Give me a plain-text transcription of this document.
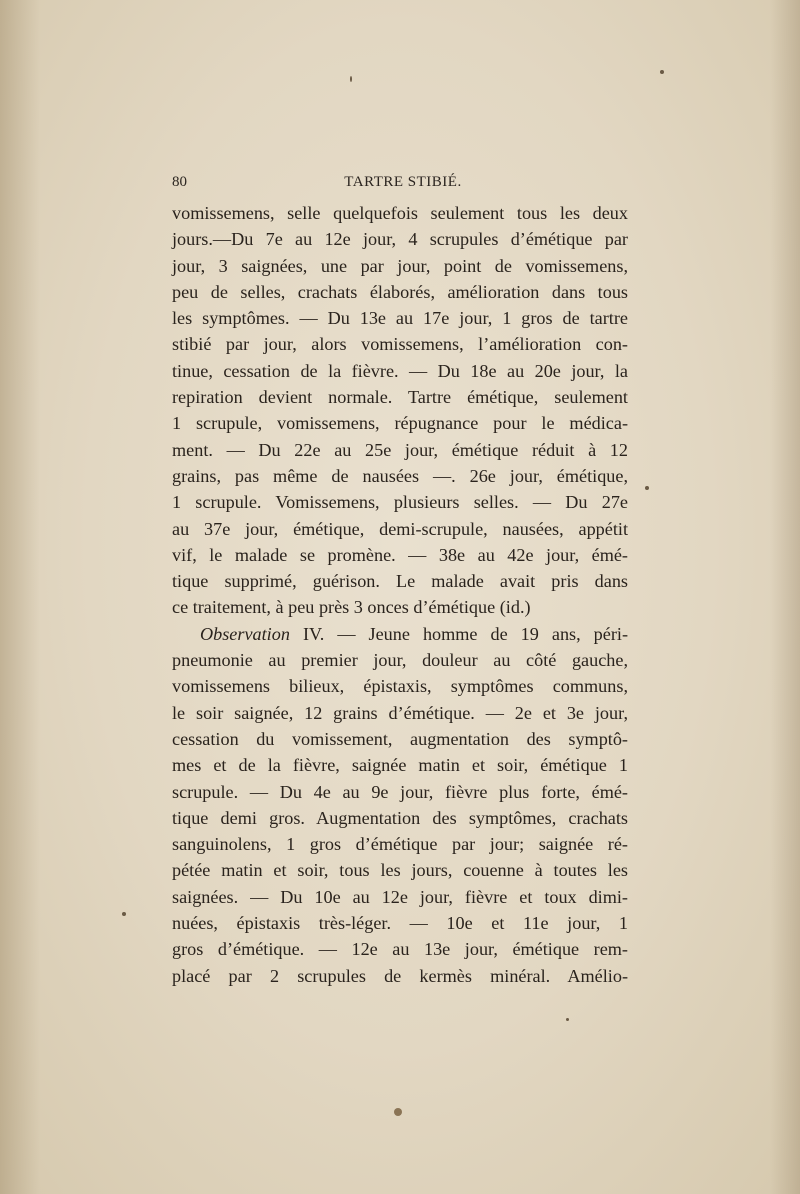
80	TARTRE STIBIÉ.
vomissemens, selle quelquefois seulement tous les deux
jours.—Du 7e au 12e jour, 4 scrupules d’émétique par
jour, 3 saignées, une par jour, point de vomissemens,
peu de selles, crachats élaborés, amélioration dans tous
les symptômes. — Du 13e au 17e jour, 1 gros de tartre
stibié par jour, alors vomissemens, l’amélioration con-
tinue, cessation de la fièvre. — Du 18e au 20e jour, la
repiration devient normale. Tartre émétique, seulement
1 scrupule, vomissemens, répugnance pour le médica-
ment. — Du 22e au 25e jour, émétique réduit à 12
grains, pas même de nausées —. 26e jour, émétique,
1 scrupule. Vomissemens, plusieurs selles. — Du 27e
au 37e jour, émétique, demi-scrupule, nausées, appétit
vif, le malade se promène. — 38e au 42e jour, émé-
tique supprimé, guérison. Le malade avait pris dans
ce traitement, à peu près 3 onces d’émétique (id.)
Observation IV. — Jeune homme de 19 ans, péri-
pneumonie au premier jour, douleur au côté gauche,
vomissemens bilieux, épistaxis, symptômes communs,
le soir saignée, 12 grains d’émétique. — 2e et 3e jour,
cessation du vomissement, augmentation des symptô-
mes et de la fièvre, saignée matin et soir, émétique 1
scrupule. — Du 4e au 9e jour, fièvre plus forte, émé-
tique demi gros. Augmentation des symptômes, crachats
sanguinolens, 1 gros d’émétique par jour; saignée ré-
pétée matin et soir, tous les jours, couenne à toutes les
saignées. — Du 10e au 12e jour, fièvre et toux dimi-
nuées, épistaxis très-léger. — 10e et 11e jour, 1
gros d’émétique. — 12e au 13e jour, émétique rem-
placé par 2 scrupules de kermès minéral. Amélio-
